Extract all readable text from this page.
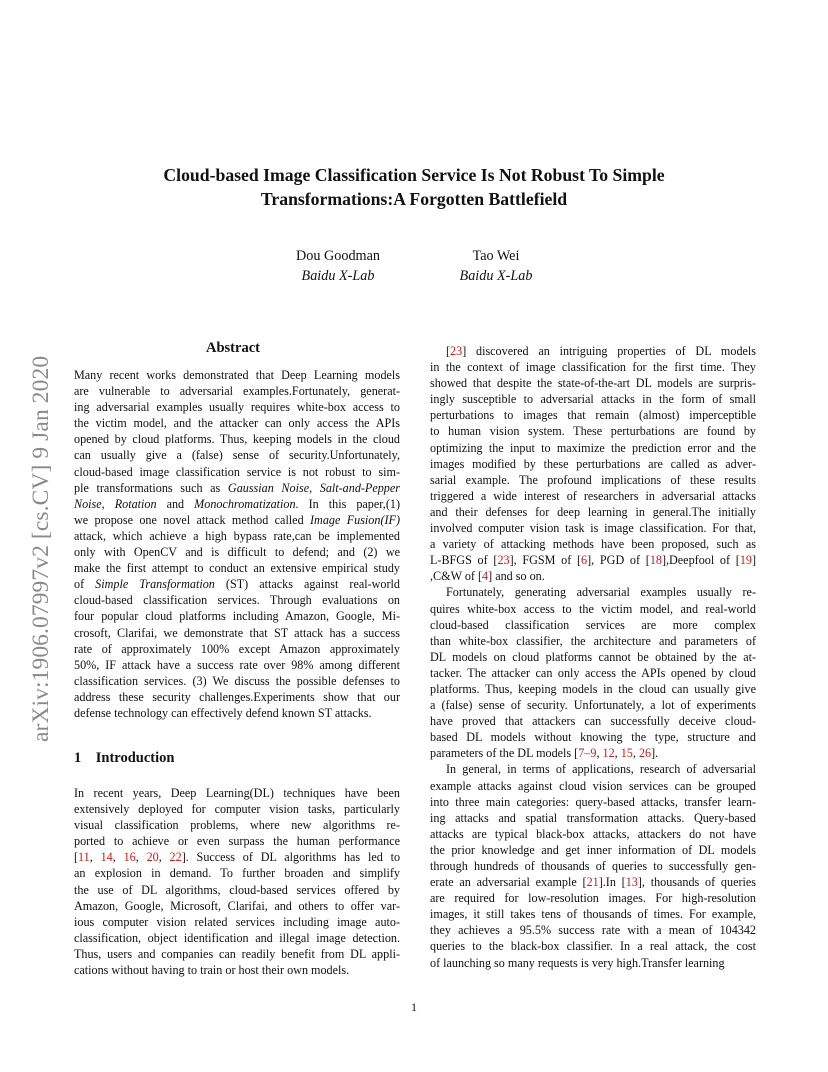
arXiv:1906.07997v2 [cs.CV] 9 Jan 2020
Cloud-based Image Classification Service Is Not Robust To Simple
Transformations:A Forgotten Battlefield
Dou Goodman
Baidu X-Lab
Tao Wei
Baidu X-Lab
Abstract

Many recent works demonstrated that Deep Learning models
are vulnerable to adversarial examples.Fortunately, generat-
ing adversarial examples usually requires white-box access to
the victim model, and the attacker can only access the APIs
opened by cloud platforms. Thus, keeping models in the cloud
can usually give a (false) sense of security.Unfortunately,
cloud-based image classification service is not robust to sim-
ple transformations such as Gaussian Noise, Salt-and-Pepper
Noise, Rotation and Monochromatization. In this paper,(1)
we propose one novel attack method called Image Fusion(IF)
attack, which achieve a high bypass rate,can be implemented
only with OpenCV and is difficult to defend; and (2) we
make the first attempt to conduct an extensive empirical study
of Simple Transformation (ST) attacks against real-world
cloud-based classification services. Through evaluations on
four popular cloud platforms including Amazon, Google, Mi-
crosoft, Clarifai, we demonstrate that ST attack has a success
rate of approximately 100% except Amazon approximately
50%, IF attack have a success rate over 98% among different
classification services. (3) We discuss the possible defenses to
address these security challenges.Experiments show that our
defense technology can effectively defend known ST attacks.

1 Introduction

In recent years, Deep Learning(DL) techniques have been
extensively deployed for computer vision tasks, particularly
visual classification problems, where new algorithms re-
ported to achieve or even surpass the human performance
[11, 14, 16, 20, 22]. Success of DL algorithms has led to
an explosion in demand. To further broaden and simplify
the use of DL algorithms, cloud-based services offered by
Amazon, Google, Microsoft, Clarifai, and others to offer var-
ious computer vision related services including image auto-
classification, object identification and illegal image detection.
Thus, users and companies can readily benefit from DL appli-
cations without having to train or host their own models.

[23] discovered an intriguing properties of DL models
in the context of image classification for the first time. They
showed that despite the state-of-the-art DL models are surpris-
ingly susceptible to adversarial attacks in the form of small
perturbations to images that remain (almost) imperceptible
to human vision system. These perturbations are found by
optimizing the input to maximize the prediction error and the
images modified by these perturbations are called as adver-
sarial example. The profound implications of these results
triggered a wide interest of researchers in adversarial attacks
and their defenses for deep learning in general.The initially
involved computer vision task is image classification. For that,
a variety of attacking methods have been proposed, such as
L-BFGS of [23], FGSM of [6], PGD of [18],Deepfool of [19]
,C&W of [4] and so on.

Fortunately, generating adversarial examples usually re-
quires white-box access to the victim model, and real-world
cloud-based classification services are more complex
than white-box classifier, the architecture and parameters of
DL models on cloud platforms cannot be obtained by the at-
tacker. The attacker can only access the APIs opened by cloud
platforms. Thus, keeping models in the cloud can usually give
a (false) sense of security. Unfortunately, a lot of experiments
have proved that attackers can successfully deceive cloud-
based DL models without knowing the type, structure and
parameters of the DL models [7–9, 12, 15, 26].

In general, in terms of applications, research of adversarial
example attacks against cloud vision services can be grouped
into three main categories: query-based attacks, transfer learn-
ing attacks and spatial transformation attacks. Query-based
attacks are typical black-box attacks, attackers do not have
the prior knowledge and get inner information of DL models
through hundreds of thousands of queries to successfully gen-
erate an adversarial example [21].In [13], thousands of queries
are required for low-resolution images. For high-resolution
images, it still takes tens of thousands of times. For example,
they achieves a 95.5% success rate with a mean of 104342
queries to the black-box classifier. In a real attack, the cost
of launching so many requests is very high.Transfer learning

1
